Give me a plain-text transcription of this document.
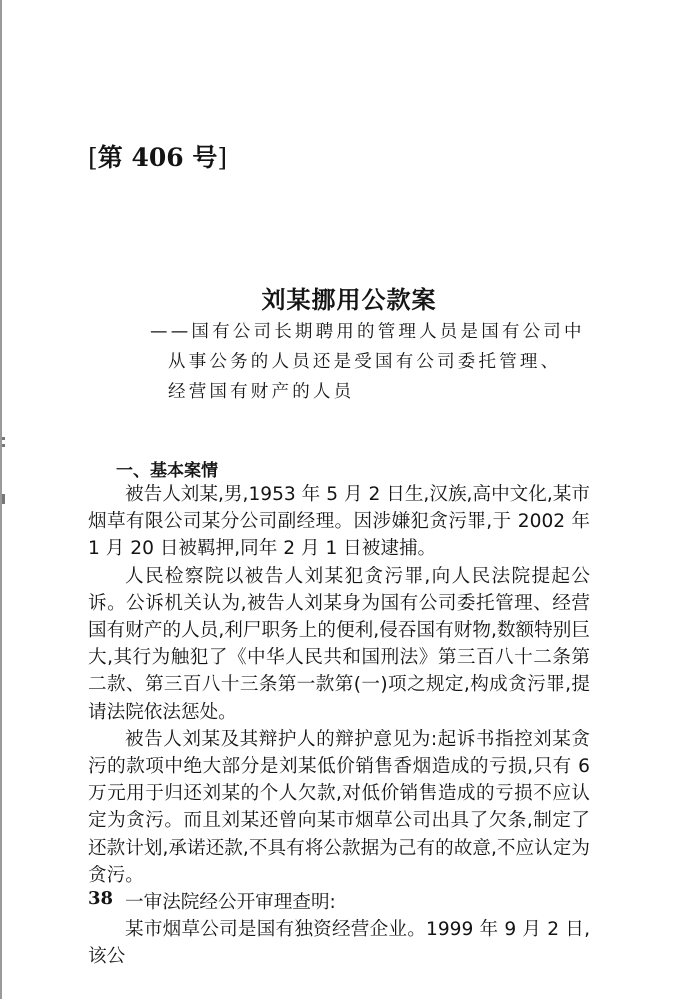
[第 406 号]
刘某挪用公款案
——国有公司长期聘用的管理人员是国有公司中
从事公务的人员还是受国有公司委托管理、
经营国有财产的人员
一、基本案情

被告人刘某,男,1953 年 5 月 2 日生,汉族,高中文化,某市烟草有限公司某分公司副经理。因涉嫌犯贪污罪,于 2002 年 1 月 20 日被羁押,同年 2 月 1 日被逮捕。

人民检察院以被告人刘某犯贪污罪,向人民法院提起公诉。公诉机关认为,被告人刘某身为国有公司委托管理、经营国有财产的人员,利尸职务上的便利,侵吞国有财物,数额特别巨大,其行为触犯了《中华人民共和国刑法》第三百八十二条第二款、第三百八十三条第一款第(一)项之规定,构成贪污罪,提请法院依法惩处。

被告人刘某及其辩护人的辩护意见为:起诉书指控刘某贪污的款项中绝大部分是刘某低价销售香烟造成的亏损,只有 6 万元用于归还刘某的个人欠款,对低价销售造成的亏损不应认定为贪污。而且刘某还曾向某市烟草公司出具了欠条,制定了还款计划,承诺还款,不具有将公款据为己有的故意,不应认定为贪污。

一审法院经公开审理查明:

某市烟草公司是国有独资经营企业。1999 年 9 月 2 日,该公

38
